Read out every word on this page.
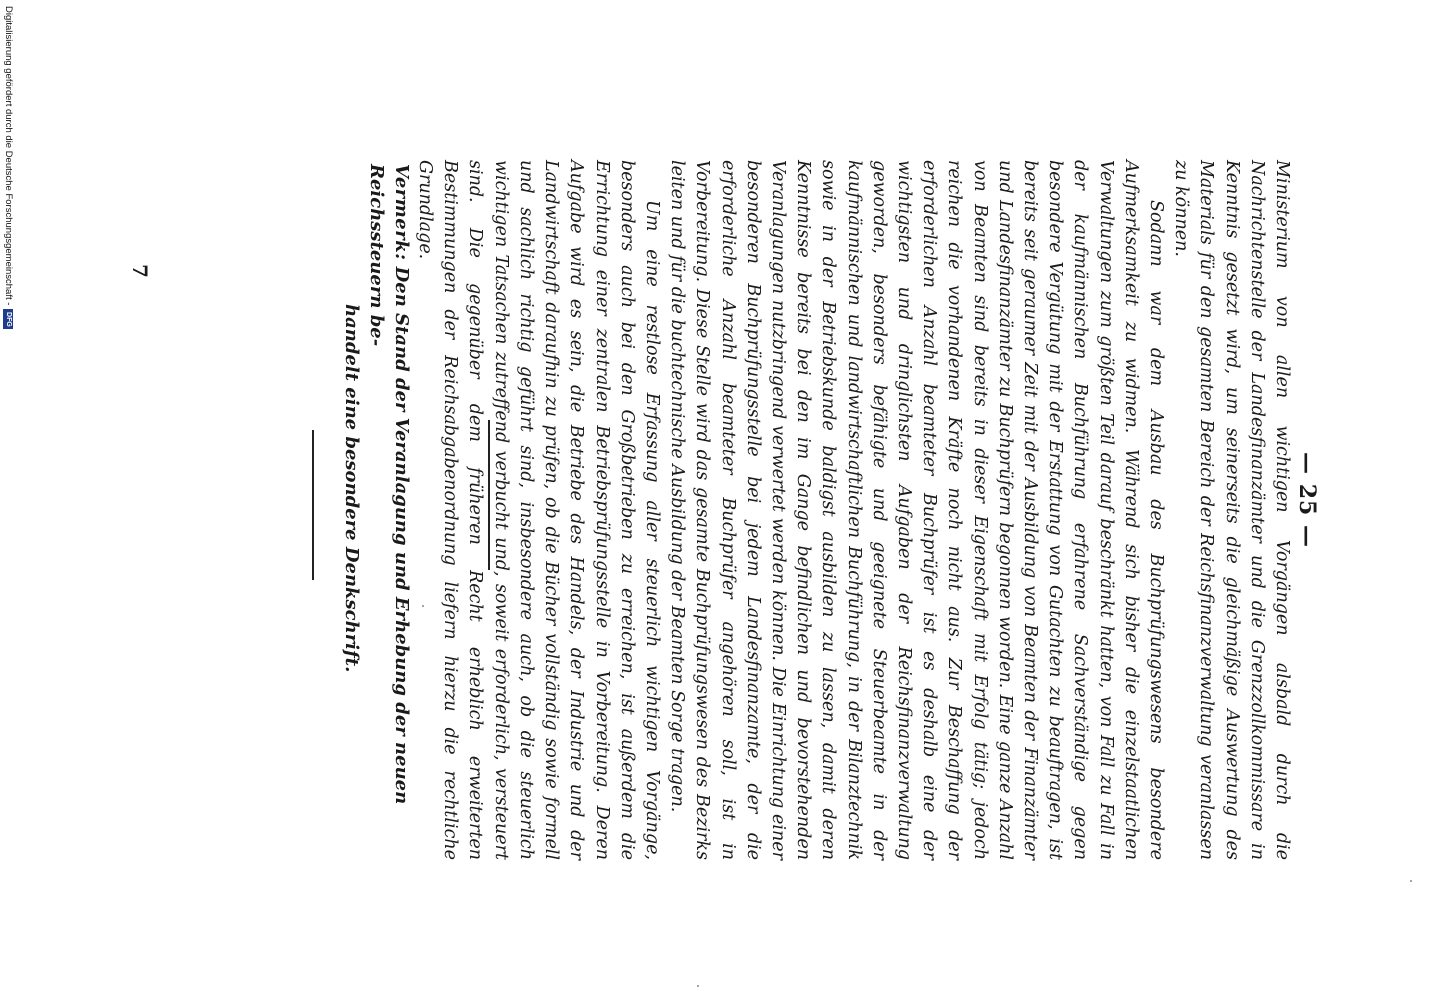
— 25 —

Ministerium von allen wichtigen Vorgängen alsbald durch die Nachrichtenstelle der Landesfinanzämter und die Grenzzollkommissare in Kenntnis gesetzt wird, um seinerseits die gleichmäßige Auswertung des Materials für den gesamten Bereich der Reichsfinanzverwaltung veranlassen zu können.

Sodann war dem Ausbau des Buchprüfungswesens besondere Aufmerksamkeit zu widmen. Während sich bisher die einzelstaatlichen Verwaltungen zum größten Teil darauf beschränkt hatten, von Fall zu Fall in der kaufmännischen Buchführung erfahrene Sachverständige gegen besondere Vergütung mit der Erstattung von Gutachten zu beauftragen, ist bereits seit geraumer Zeit mit der Ausbildung von Beamten der Finanzämter und Landesfinanzämter zu Buchprüfern begonnen worden. Eine ganze Anzahl von Beamten sind bereits in dieser Eigenschaft mit Erfolg tätig; jedoch reichen die vorhandenen Kräfte noch nicht aus. Zur Beschaffung der erforderlichen Anzahl beamteter Buchprüfer ist es deshalb eine der wichtigsten und dringlichsten Aufgaben der Reichsfinanzverwaltung geworden, besonders befähigte und geeignete Steuerbeamte in der kaufmännischen und landwirtschaftlichen Buchführung, in der Bilanztechnik sowie in der Betriebskunde baldigst ausbilden zu lassen, damit deren Kenntnisse bereits bei den im Gange befindlichen und bevorstehenden Veranlagungen nutzbringend verwertet werden können. Die Einrichtung einer besonderen Buchprüfungsstelle bei jedem Landesfinanzamte, der die erforderliche Anzahl beamteter Buchprüfer angehören soll, ist in Vorbereitung. Diese Stelle wird das gesamte Buchprüfungswesen des Bezirks leiten und für die buchtechnische Ausbildung der Beamten Sorge tragen.

Um eine restlose Erfassung aller steuerlich wichtigen Vorgänge, besonders auch bei den Großbetrieben zu erreichen, ist außerdem die Errichtung einer zentralen Betriebsprüfungsstelle in Vorbereitung. Deren Aufgabe wird es sein, die Betriebe des Handels, der Industrie und der Landwirtschaft daraufhin zu prüfen, ob die Bücher vollständig sowie formell und sachlich richtig geführt sind, insbesondere auch, ob die steuerlich wichtigen Tatsachen zutreffend verbucht und, soweit erforderlich, versteuert sind. Die gegenüber dem früheren Recht erheblich erweiterten Bestimmungen der Reichsabgabenordnung liefern hierzu die rechtliche Grundlage.

Vermerk: Den Stand der Veranlagung und Erhebung der neuen Reichssteuern be-
handelt eine besondere Denkschrift.
7
Digitalisierung gefördert durch die Deutsche Forschungsgemeinschaft -
DFG
